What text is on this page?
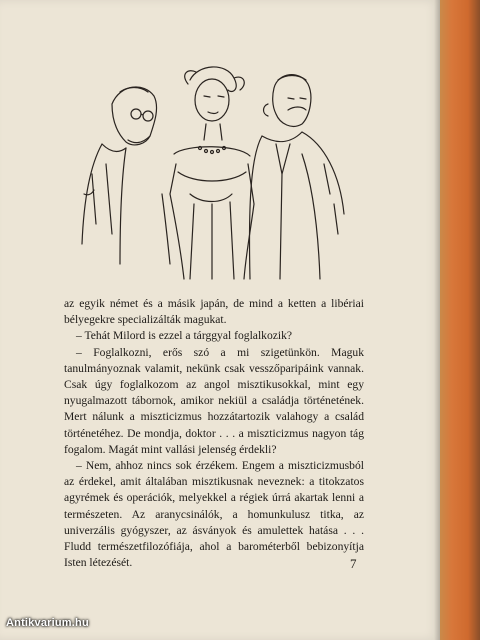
az egyik német és a másik japán, de mind a ketten a libériai bélyegekre specializálták magukat.

– Tehát Milord is ezzel a tárggyal foglalkozik?

– Foglalkozni, erős szó a mi szigetünkön. Maguk tanulmányoznak valamit, nekünk csak vesszőparipáink vannak. Csak úgy foglalkozom az angol misztikusokkal, mint egy nyugalmazott tábornok, amikor nekiül a családja történetének. Mert nálunk a miszticizmus hozzátartozik valahogy a család történetéhez. De mondja, doktor . . . a miszticizmus nagyon tág fogalom. Magát mint vallási jelenség érdekli?

– Nem, ahhoz nincs sok érzékem. Engem a miszticizmusból az érdekel, amit általában misztikusnak neveznek: a titokzatos agyrémek és operációk, melyekkel a régiek úrrá akartak lenni a természeten. Az aranycsinálók, a homunkulusz titka, az univerzális gyógyszer, az ásványok és amulettek hatása . . . Fludd természetfilozófiája, ahol a barométerből bebizonyítja Isten létezését.	7
Antikvarium.hu
